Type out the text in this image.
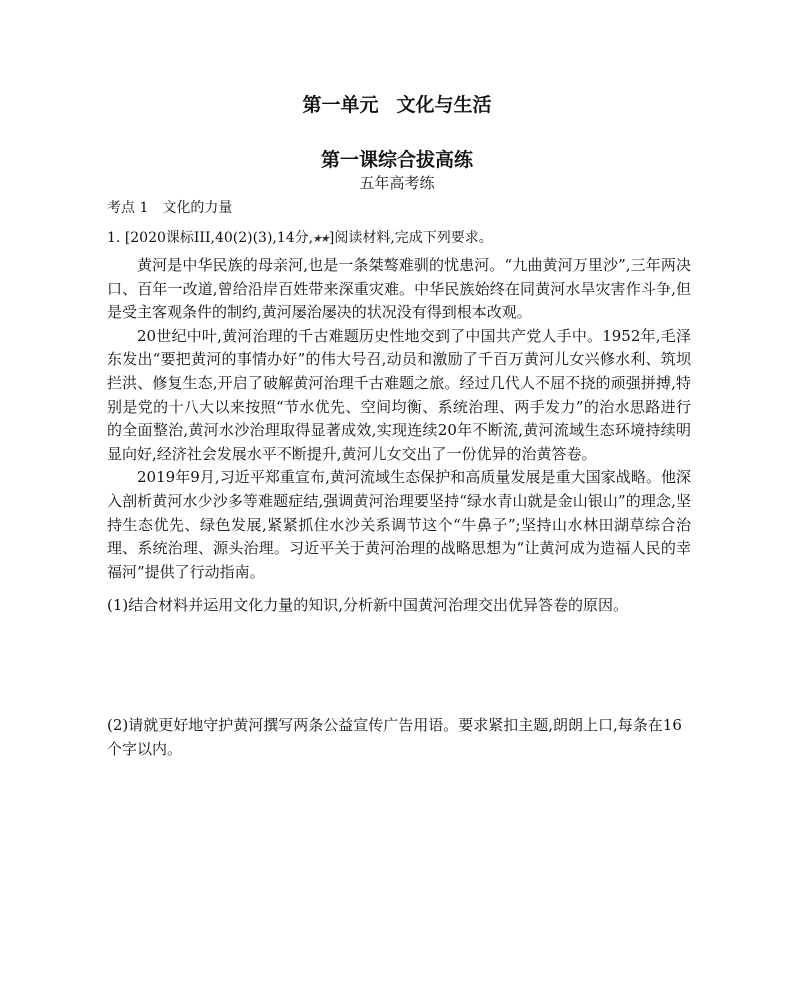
第一单元 文化与生活
第一课综合拔高练
五年高考练
考点 1 文化的力量
1. [2020课标III,40(2)(3),14分,★★]阅读材料,完成下列要求。

黄河是中华民族的母亲河,也是一条桀骜难驯的忧患河。“九曲黄河万里沙”,三年两决口、百年一改道,曾给沿岸百姓带来深重灾难。中华民族始终在同黄河水旱灾害作斗争,但是受主客观条件的制约,黄河屡治屡决的状况没有得到根本改观。

20世纪中叶,黄河治理的千古难题历史性地交到了中国共产党人手中。1952年,毛泽东发出“要把黄河的事情办好”的伟大号召,动员和激励了千百万黄河儿女兴修水利、筑坝拦洪、修复生态,开启了破解黄河治理千古难题之旅。经过几代人不屈不挠的顽强拼搏,特别是党的十八大以来按照“节水优先、空间均衡、系统治理、两手发力”的治水思路进行的全面整治,黄河水沙治理取得显著成效,实现连续20年不断流,黄河流域生态环境持续明显向好,经济社会发展水平不断提升,黄河儿女交出了一份优异的治黄答卷。

2019年9月,习近平郑重宣布,黄河流域生态保护和高质量发展是重大国家战略。他深入剖析黄河水少沙多等难题症结,强调黄河治理要坚持“绿水青山就是金山银山”的理念,坚持生态优先、绿色发展,紧紧抓住水沙关系调节这个“牛鼻子”;坚持山水林田湖草综合治理、系统治理、源头治理。习近平关于黄河治理的战略思想为“让黄河成为造福人民的幸福河”提供了行动指南。

(1)结合材料并运用文化力量的知识,分析新中国黄河治理交出优异答卷的原因。
(2)请就更好地守护黄河撰写两条公益宣传广告用语。要求紧扣主题,朗朗上口,每条在16个字以内。
